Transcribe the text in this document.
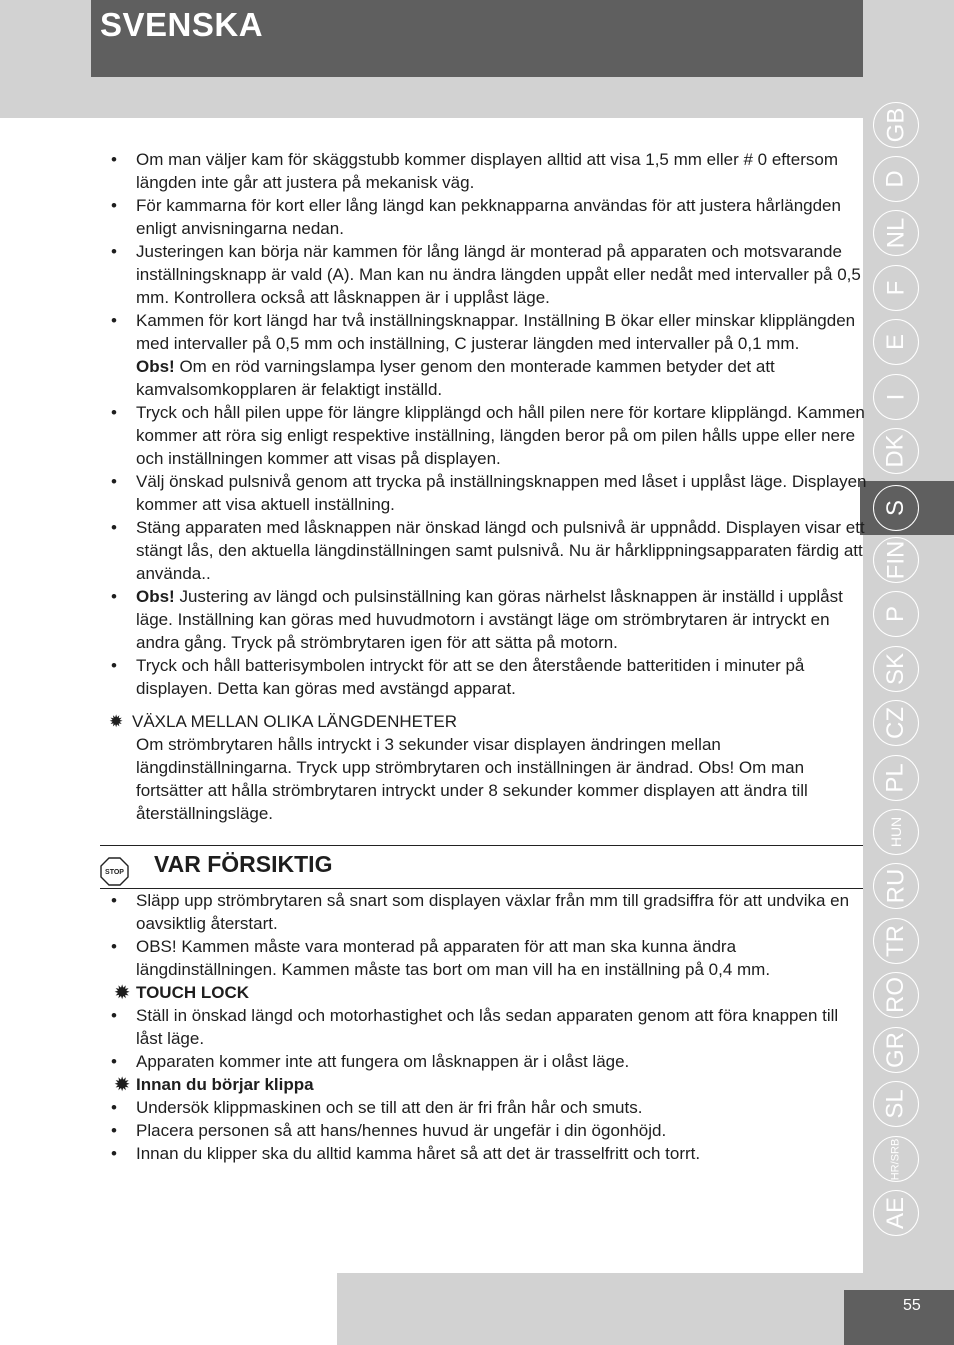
SVENSKA
GB
D
NL
F
E
I
DK
S
FIN
P
SK
CZ
PL
HUN
RU
TR
RO
GR
SL
HR/SRB
AE
• Om man väljer kam för skäggstubb kommer displayen alltid att visa 1,5 mm eller # 0 eftersom längden inte går att justera på mekanisk väg.
• För kammarna för kort eller lång längd kan pekknapparna användas för att justera hårlängden enligt anvisningarna nedan.
• Justeringen kan börja när kammen för lång längd är monterad på apparaten och motsvarande inställningsknapp är vald (A). Man kan nu ändra längden uppåt eller nedåt med intervaller på 0,5 mm. Kontrollera också att låsknappen är i upplåst läge.
• Kammen för kort längd har två inställningsknappar. Inställning B ökar eller minskar klipplängden med intervaller på 0,5 mm och inställning, C justerar längden med intervaller på 0,1 mm.
Obs! Om en röd varningslampa lyser genom den monterade kammen betyder det att kamvalsomkopplaren är felaktigt inställd.
• Tryck och håll pilen uppe för längre klipplängd och håll pilen nere för kortare klipplängd. Kammen kommer att röra sig enligt respektive inställning, längden beror på om pilen hålls uppe eller nere och inställningen kommer att visas på displayen.
• Välj önskad pulsnivå genom att trycka på inställningsknappen med låset i upplåst läge. Displayen kommer att visa aktuell inställning.
• Stäng apparaten med låsknappen när önskad längd och pulsnivå är uppnådd. Displayen visar ett stängt lås, den aktuella längdinställningen samt pulsnivå. Nu är hårklippningsapparaten färdig att använda..
• Obs! Justering av längd och pulsinställning kan göras närhelst låsknappen är inställd i upplåst läge. Inställning kan göras med huvudmotorn i avstängt läge om strömbrytaren är intryckt en andra gång. Tryck på strömbrytaren igen för att sätta på motorn.
• Tryck och håll batterisymbolen intryckt för att se den återstående batteritiden i minuter på displayen. Detta kan göras med avstängd apparat.
✹ VÄXLA MELLAN OLIKA LÄNGDENHETER
Om strömbrytaren hålls intryckt i 3 sekunder visar displayen ändringen mellan längdinställningarna. Tryck upp strömbrytaren och inställningen är ändrad. Obs! Om man fortsätter att hålla strömbrytaren intryckt under 8 sekunder kommer displayen att ändra till återställningsläge.
STOP VAR FÖRSIKTIG
• Släpp upp strömbrytaren så snart som displayen växlar från mm till gradsiffra för att undvika en oavsiktlig återstart.
• OBS! Kammen måste vara monterad på apparaten för att man ska kunna ändra längdinställningen. Kammen måste tas bort om man vill ha en inställning på 0,4 mm.
✹ TOUCH LOCK
• Ställ in önskad längd och motorhastighet och lås sedan apparaten genom att föra knappen till låst läge.
• Apparaten kommer inte att fungera om låsknappen är i olåst läge.
✹ Innan du börjar klippa
• Undersök klippmaskinen och se till att den är fri från hår och smuts.
• Placera personen så att hans/hennes huvud är ungefär i din ögonhöjd.
• Innan du klipper ska du alltid kamma håret så att det är trasselfritt och torrt.
55
